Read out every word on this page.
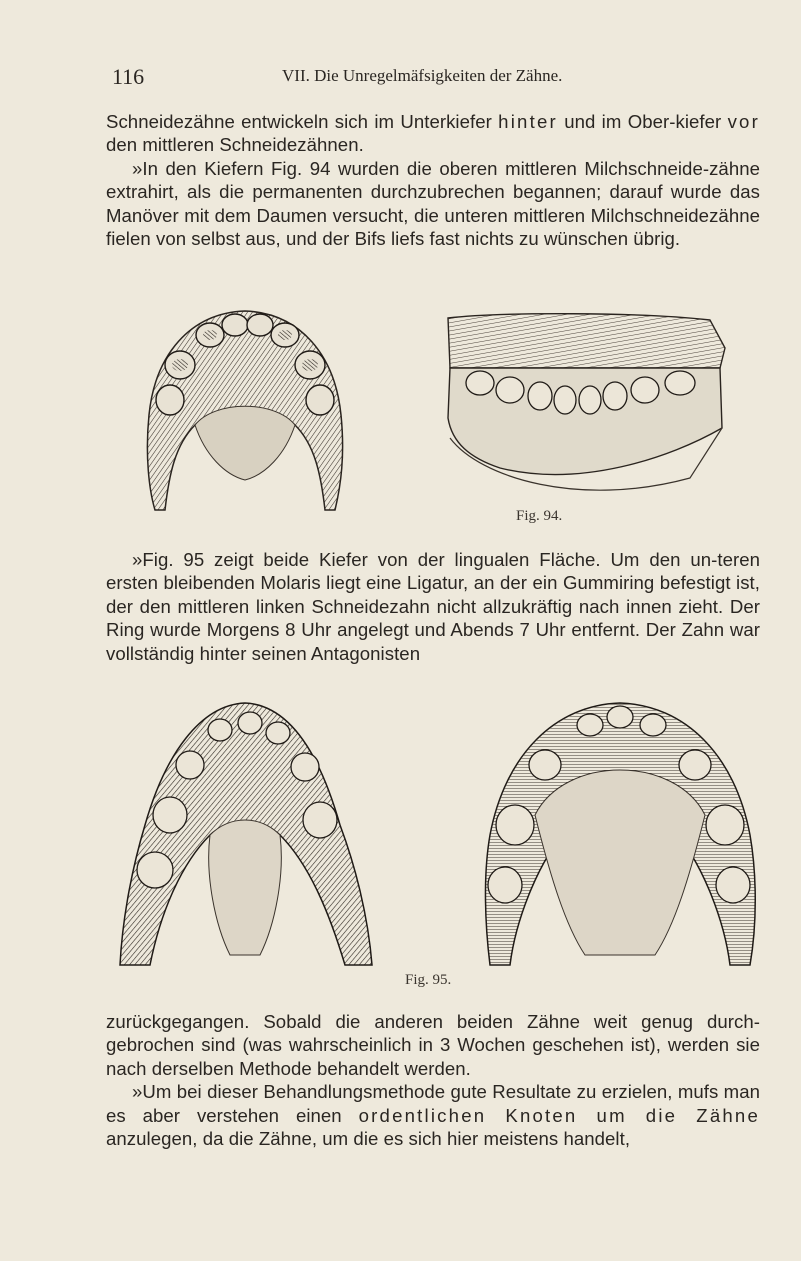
116	VII. Die Unregelmäfsigkeiten der Zähne.

Schneidezähne entwickeln sich im Unterkiefer hinter und im Ober-kiefer vor den mittleren Schneidezähnen.

»In den Kiefern Fig. 94 wurden die oberen mittleren Milchschneide-zähne extrahirt, als die permanenten durchzubrechen begannen; darauf wurde das Manöver mit dem Daumen versucht, die unteren mittleren Milchschneidezähne fielen von selbst aus, und der Bifs liefs fast nichts zu wünschen übrig.

Fig. 94.

»Fig. 95 zeigt beide Kiefer von der lingualen Fläche. Um den un-teren ersten bleibenden Molaris liegt eine Ligatur, an der ein Gummiring befestigt ist, der den mittleren linken Schneidezahn nicht allzukräftig nach innen zieht. Der Ring wurde Morgens 8 Uhr angelegt und Abends 7 Uhr entfernt. Der Zahn war vollständig hinter seinen Antagonisten

Fig. 95.

zurückgegangen. Sobald die anderen beiden Zähne weit genug durch-gebrochen sind (was wahrscheinlich in 3 Wochen geschehen ist), werden sie nach derselben Methode behandelt werden.

»Um bei dieser Behandlungsmethode gute Resultate zu erzielen, mufs man es aber verstehen einen ordentlichen Knoten um die Zähne anzulegen, da die Zähne, um die es sich hier meistens handelt,
